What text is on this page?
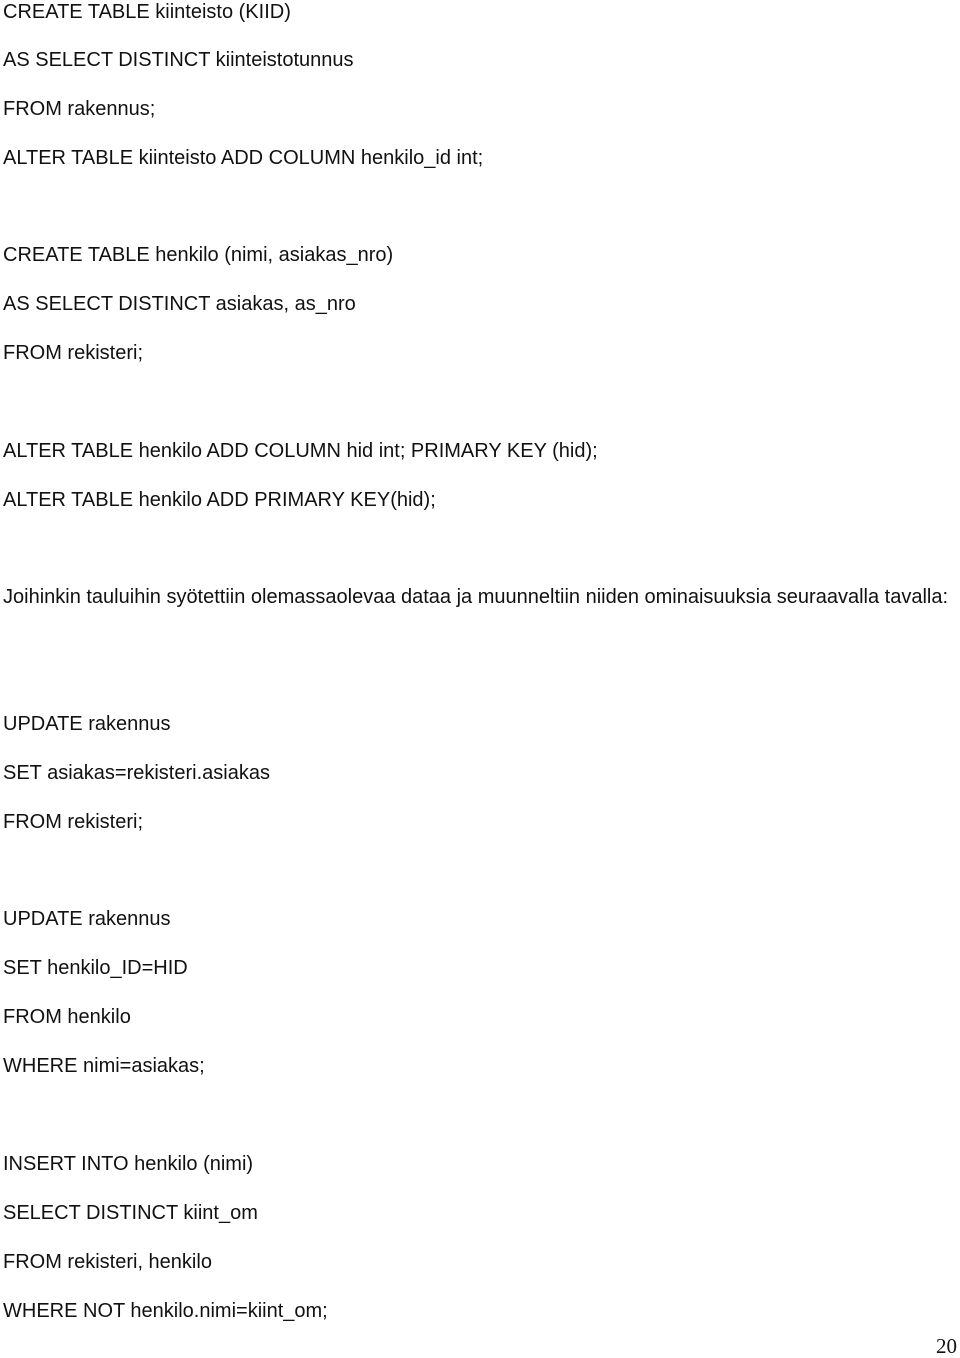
CREATE TABLE kiinteisto (KIID)

AS SELECT DISTINCT kiinteistotunnus

FROM rakennus;

ALTER TABLE kiinteisto ADD COLUMN henkilo_id int;

CREATE TABLE henkilo (nimi, asiakas_nro)

AS SELECT DISTINCT asiakas, as_nro

FROM rekisteri;

ALTER TABLE henkilo ADD COLUMN hid int; PRIMARY KEY (hid);

ALTER TABLE henkilo ADD PRIMARY KEY(hid);

Joihinkin tauluihin syötettiin olemassaolevaa dataa ja muunneltiin niiden ominaisuuksia seuraavalla tavalla:

UPDATE rakennus

SET asiakas=rekisteri.asiakas

FROM rekisteri;

UPDATE rakennus

SET henkilo_ID=HID

FROM henkilo

WHERE nimi=asiakas;

INSERT INTO henkilo (nimi)

SELECT DISTINCT kiint_om

FROM rekisteri, henkilo

WHERE NOT henkilo.nimi=kiint_om;

20
